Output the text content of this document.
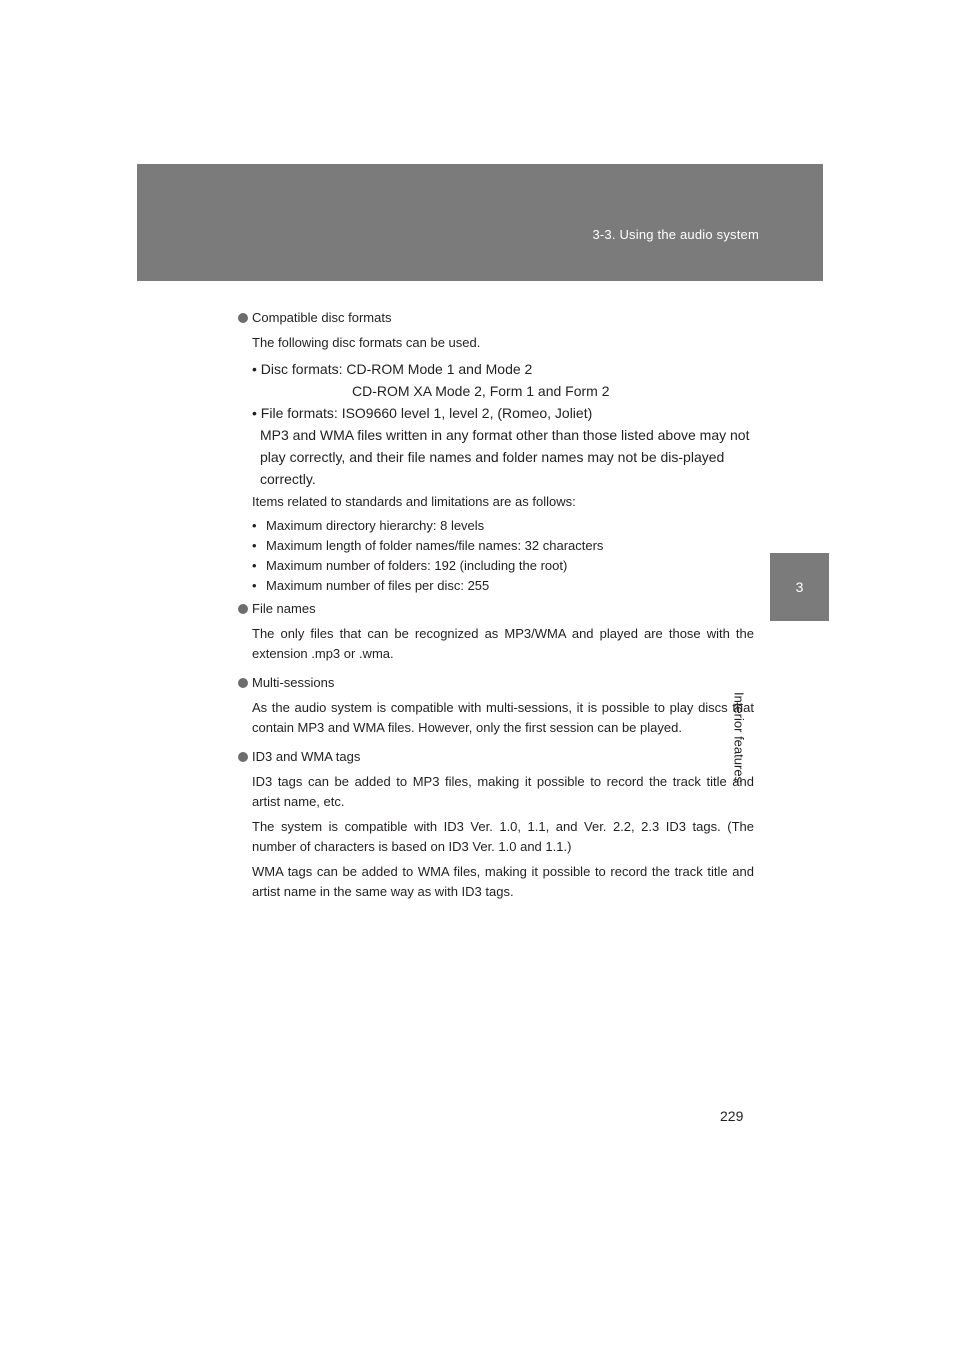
3-3. Using the audio system
3
Interior features
Compatible disc formats
The following disc formats can be used.
• Disc formats: CD-ROM Mode 1 and Mode 2
CD-ROM XA Mode 2, Form 1 and Form 2
• File formats: ISO9660 level 1, level 2, (Romeo, Joliet)
MP3 and WMA files written in any format other than those listed above may not play correctly, and their file names and folder names may not be dis-played correctly.
Items related to standards and limitations are as follows:
• Maximum directory hierarchy: 8 levels
• Maximum length of folder names/file names: 32 characters
• Maximum number of folders: 192 (including the root)
• Maximum number of files per disc: 255
File names
The only files that can be recognized as MP3/WMA and played are those with the extension .mp3 or .wma.
Multi-sessions
As the audio system is compatible with multi-sessions, it is possible to play discs that contain MP3 and WMA files. However, only the first session can be played.
ID3 and WMA tags
ID3 tags can be added to MP3 files, making it possible to record the track title and artist name, etc.
The system is compatible with ID3 Ver. 1.0, 1.1, and Ver. 2.2, 2.3 ID3 tags. (The number of characters is based on ID3 Ver. 1.0 and 1.1.)
WMA tags can be added to WMA files, making it possible to record the track title and artist name in the same way as with ID3 tags.
229
